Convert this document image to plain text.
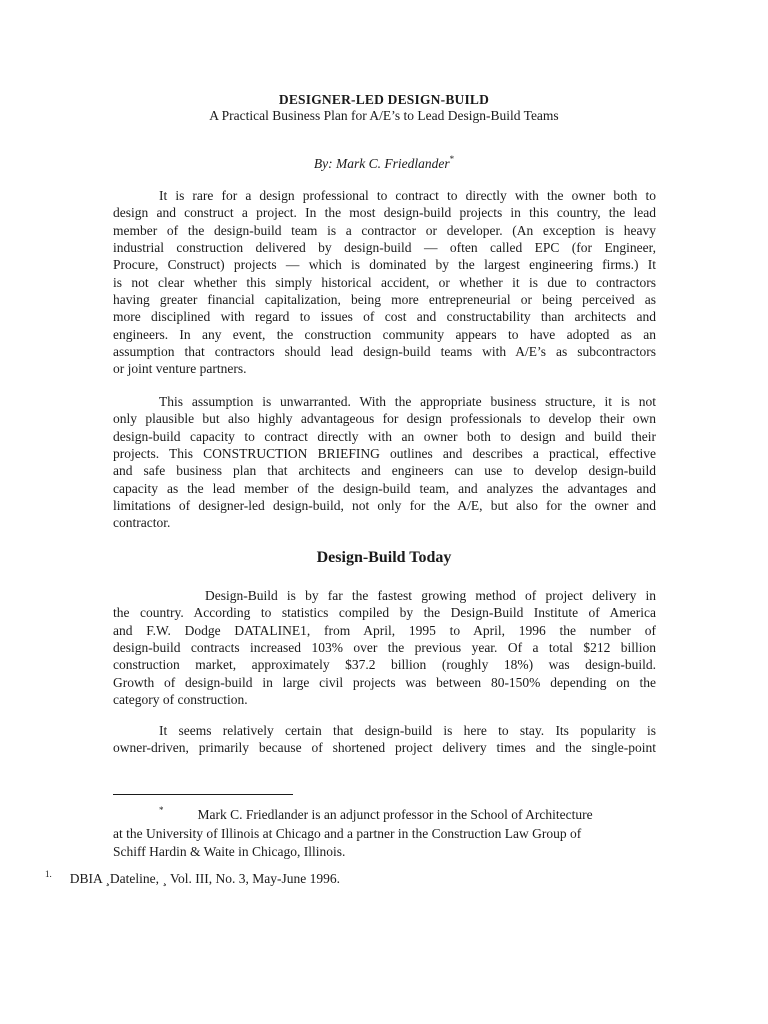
DESIGNER-LED DESIGN-BUILD
A Practical Business Plan for A/E’s to Lead Design-Build Teams
By: Mark C. Friedlander*
It is rare for a design professional to contract to directly with the owner both to
design and construct a project. In the most design-build projects in this country, the lead
member of the design-build team is a contractor or developer. (An exception is heavy
industrial construction delivered by design-build — often called EPC (for Engineer,
Procure, Construct) projects — which is dominated by the largest engineering firms.) It
is not clear whether this simply historical accident, or whether it is due to contractors
having greater financial capitalization, being more entrepreneurial or being perceived as
more disciplined with regard to issues of cost and constructability than architects and
engineers. In any event, the construction community appears to have adopted as an
assumption that contractors should lead design-build teams with A/E’s as subcontractors
or joint venture partners.
This assumption is unwarranted. With the appropriate business structure, it is not
only plausible but also highly advantageous for design professionals to develop their own
design-build capacity to contract directly with an owner both to design and build their
projects. This CONSTRUCTION BRIEFING outlines and describes a practical, effective
and safe business plan that architects and engineers can use to develop design-build
capacity as the lead member of the design-build team, and analyzes the advantages and
limitations of designer-led design-build, not only for the A/E, but also for the owner and
contractor.
Design-Build Today
Design-Build is by far the fastest growing method of project delivery in
the country. According to statistics compiled by the Design-Build Institute of America
and F.W. Dodge DATALINE1, from April, 1995 to April, 1996 the number of
design-build contracts increased 103% over the previous year. Of a total $212 billion
construction market, approximately $37.2 billion (roughly 18%) was design-build.
Growth of design-build in large civil projects was between 80-150% depending on the
category of construction.
It seems relatively certain that design-build is here to stay. Its popularity is
owner-driven, primarily because of shortened project delivery times and the single-point
*	Mark C. Friedlander is an adjunct professor in the School of Architecture
at the University of Illinois at Chicago and a partner in the Construction Law Group of
Schiff Hardin & Waite in Chicago, Illinois.
$^{1.}$ DBIA ¸Dateline, ¸ Vol. III, No. 3, May-June 1996.
